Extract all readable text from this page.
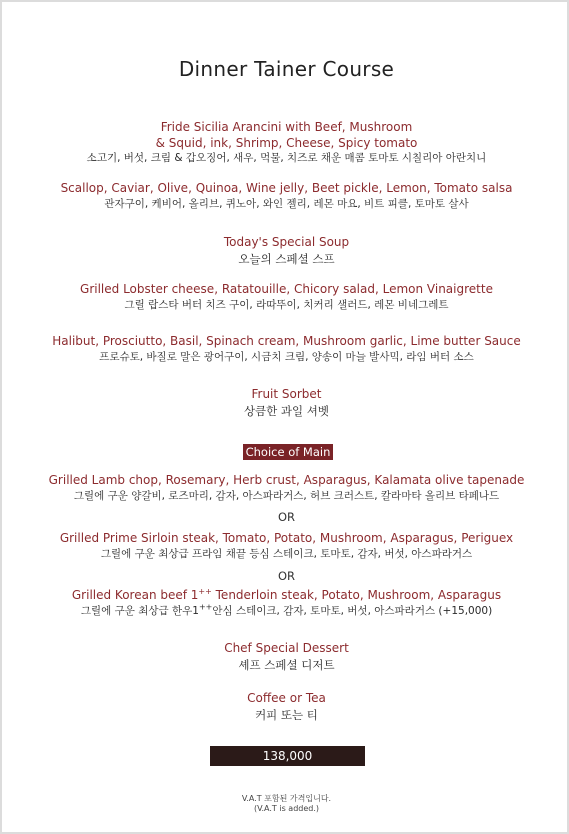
Dinner Tainer Course
Fride Sicilia Arancini with Beef, Mushroom
& Squid, ink, Shrimp, Cheese, Spicy tomato
소고기, 버섯, 크림 & 갑오징어, 새우, 먹물, 치즈로 채운 매콤 토마토 시칠리아 아란치니
Scallop, Caviar, Olive, Quinoa, Wine jelly, Beet pickle, Lemon, Tomato salsa
관자구이, 케비어, 올리브, 퀴노아, 와인 젤리, 레몬 마요, 비트 피클, 토마토 살사
Today's Special Soup
오늘의 스페셜 스프
Grilled Lobster cheese, Ratatouille, Chicory salad, Lemon Vinaigrette
그릴 랍스타 버터 치즈 구이, 라따뚜이, 치커리 샐러드, 레몬 비네그레트
Halibut, Prosciutto, Basil, Spinach cream, Mushroom garlic, Lime butter Sauce
프로슈토, 바질로 말은 광어구이, 시금치 크림, 양송이 마늘 발사믹, 라임 버터 소스
Fruit Sorbet
상큼한 과일 셔벳
Choice of Main
Grilled Lamb chop, Rosemary, Herb crust, Asparagus, Kalamata olive tapenade
그릴에 구운 양갈비, 로즈마리, 감자, 아스파라거스, 허브 크러스트, 칼라마타 올리브 타페나드
OR
Grilled Prime Sirloin steak, Tomato, Potato, Mushroom, Asparagus, Periguex
그릴에 구운 최상급 프라임 채끝 등심 스테이크, 토마토, 감자, 버섯, 아스파라거스
OR
Grilled Korean beef 1++ Tenderloin steak, Potato, Mushroom, Asparagus
그릴에 구운 최상급 한우1++안심 스테이크, 감자, 토마토, 버섯, 아스파라거스 (+15,000)
Chef Special Dessert
셰프 스페셜 디저트
Coffee or Tea
커피 또는 티
138,000
V.A.T 포함된 가격입니다.
(V.A.T is added.)
